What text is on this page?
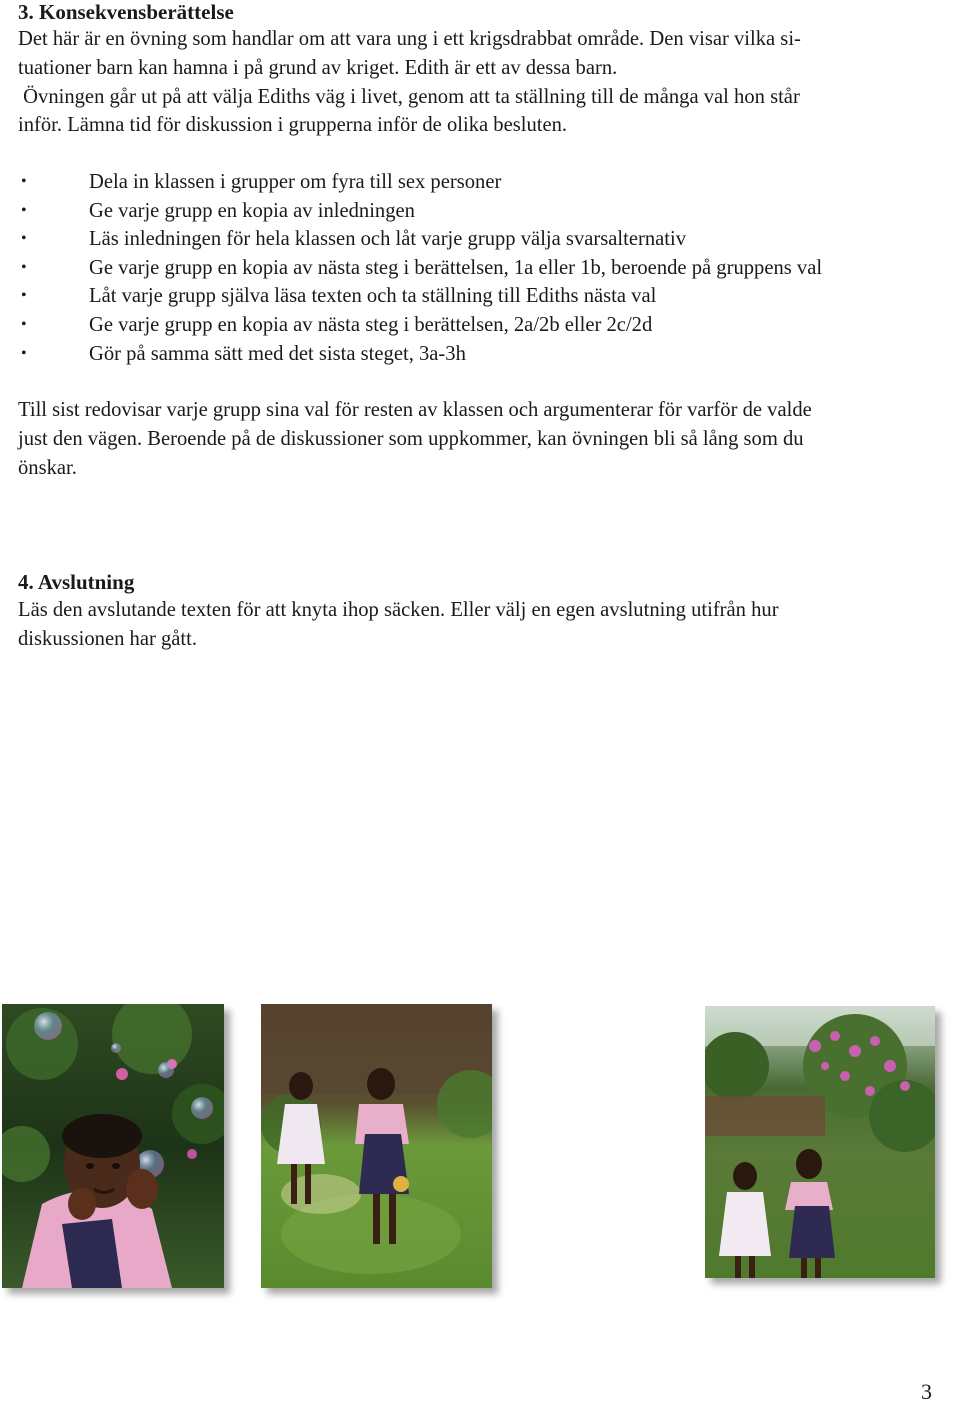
3. Konsekvensberättelse

Det här är en övning som handlar om att vara ung i ett krigsdrabbat område. Den visar vilka si-
tuationer barn kan hamna i på grund av kriget. Edith är ett av dessa barn.
Övningen går ut på att välja Ediths väg i livet, genom att ta ställning till de många val hon står
inför. Lämna tid för diskussion i grupperna inför de olika besluten.

•	Dela in klassen i grupper om fyra till sex personer
•	Ge varje grupp en kopia av inledningen
•	Läs inledningen för hela klassen och låt varje grupp välja svarsalternativ
•	Ge varje grupp en kopia av nästa steg i berättelsen, 1a eller 1b, beroende på gruppens val
•	Låt varje grupp själva läsa texten och ta ställning till Ediths nästa val
•	Ge varje grupp en kopia av nästa steg i berättelsen, 2a/2b eller 2c/2d
•	Gör på samma sätt med det sista steget, 3a-3h

Till sist redovisar varje grupp sina val för resten av klassen och argumenterar för varför de valde
just den vägen. Beroende på de diskussioner som uppkommer, kan övningen bli så lång som du
önskar.

4. Avslutning

Läs den avslutande texten för att knyta ihop säcken. Eller välj en egen avslutning utifrån hur
diskussionen har gått.

3
